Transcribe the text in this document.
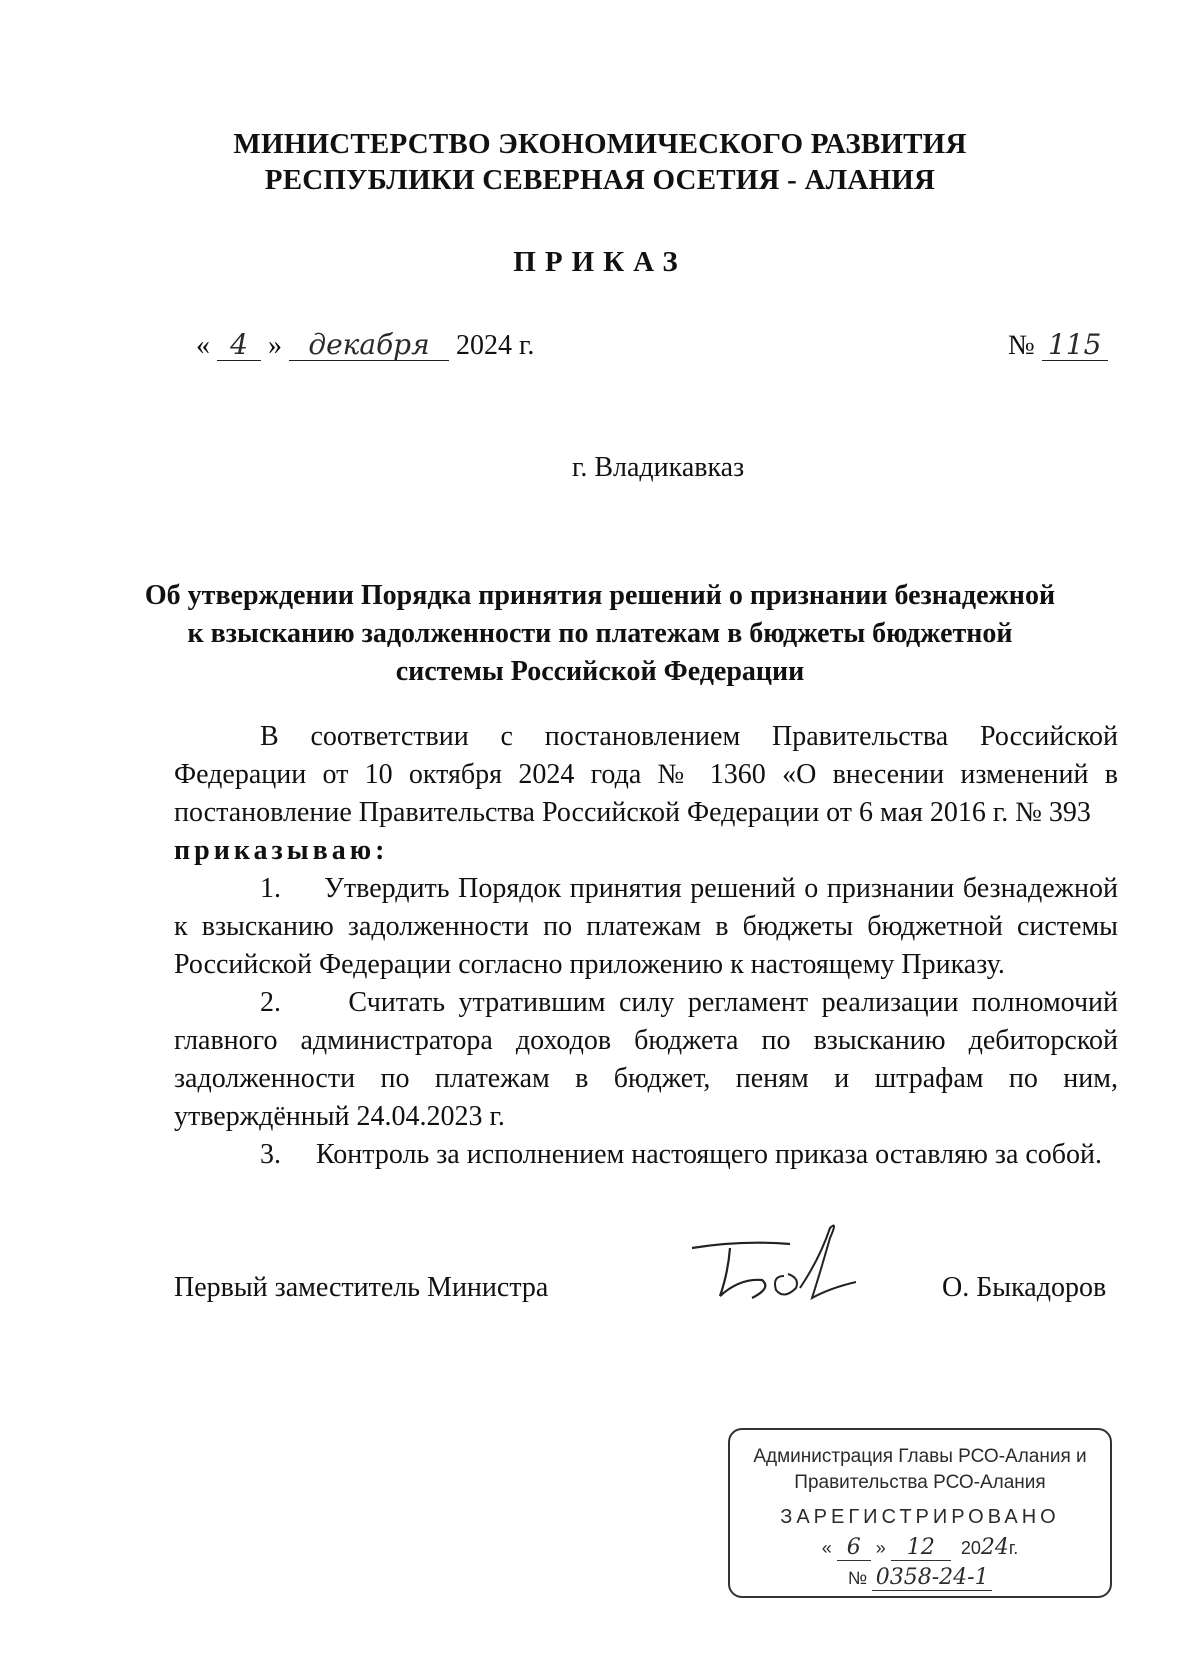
МИНИСТЕРСТВО ЭКОНОМИЧЕСКОГО РАЗВИТИЯ
РЕСПУБЛИКИ СЕВЕРНАЯ ОСЕТИЯ - АЛАНИЯ
ПРИКАЗ
« 4 » декабря 2024 г.	№ 115
г. Владикавказ
Об утверждении Порядка принятия решений о признании безнадежной
к взысканию задолженности по платежам в бюджеты бюджетной
системы Российской Федерации

В соответствии с постановлением Правительства Российской Федерации от 10 октября 2024 года № 1360 «О внесении изменений в постановление Правительства Российской Федерации от 6 мая 2016 г. № 393

приказываю:

1. Утвердить Порядок принятия решений о признании безнадежной к взысканию задолженности по платежам в бюджеты бюджетной системы Российской Федерации согласно приложению к настоящему Приказу.

2. Считать утратившим силу регламент реализации полномочий главного администратора доходов бюджета по взысканию дебиторской задолженности по платежам в бюджет, пеням и штрафам по ним, утверждённый 24.04.2023 г.

3. Контроль за исполнением настоящего приказа оставляю за собой.

Первый заместитель Министра	О. Быкадоров
Администрация Главы РСО-Алания и
Правительства РСО-Алания
ЗАРЕГИСТРИРОВАНО
« 6 » 12 2024г.
№ 0358-24-1
